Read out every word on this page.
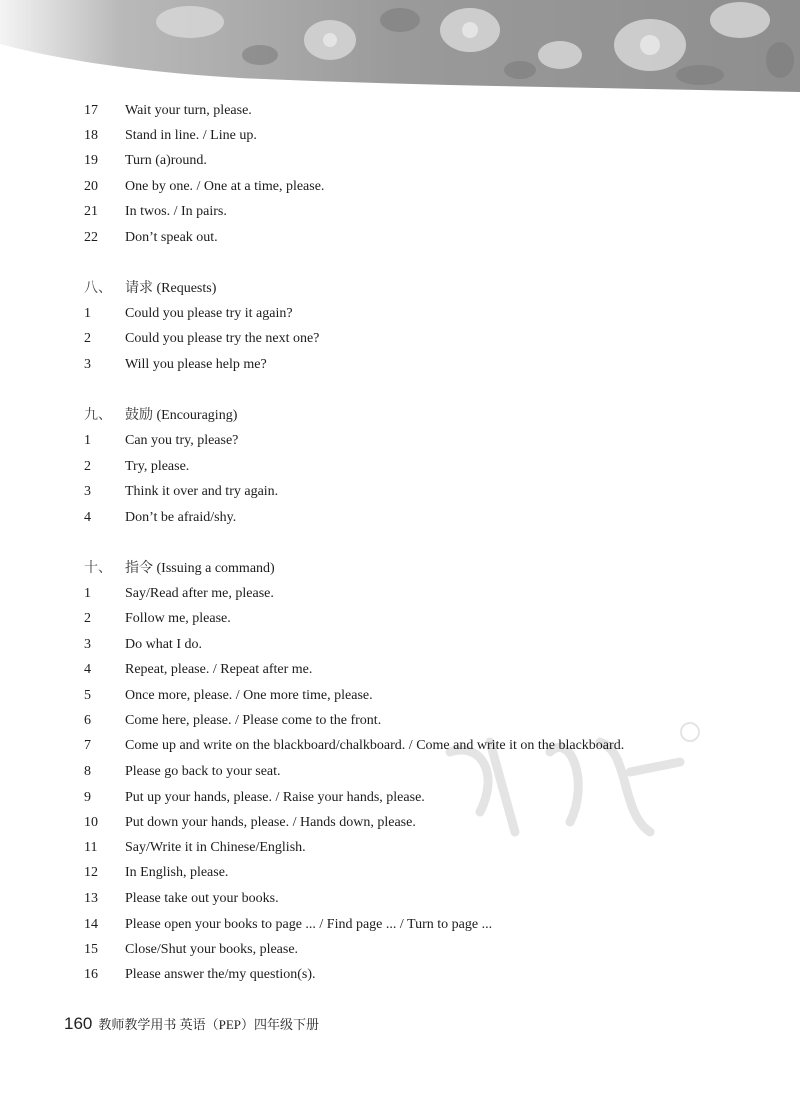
17 Wait your turn, please.
18 Stand in line. / Line up.
19 Turn (a)round.
20 One by one. / One at a time, please.
21 In twos. / In pairs.
22 Don’t speak out.
八、 请求 (Requests)
1 Could you please try it again?
2 Could you please try the next one?
3 Will you please help me?
九、 鼓励 (Encouraging)
1 Can you try, please?
2 Try, please.
3 Think it over and try again.
4 Don’t be afraid/shy.
十、 指令 (Issuing a command)
1 Say/Read after me, please.
2 Follow me, please.
3 Do what I do.
4 Repeat, please. / Repeat after me.
5 Once more, please. / One more time, please.
6 Come here, please. / Please come to the front.
7 Come up and write on the blackboard/chalkboard. / Come and write it on the blackboard.
8 Please go back to your seat.
9 Put up your hands, please. / Raise your hands, please.
10 Put down your hands, please. / Hands down, please.
11 Say/Write it in Chinese/English.
12 In English, please.
13 Please take out your books.
14 Please open your books to page ... / Find page ... / Turn to page ...
15 Close/Shut your books, please.
16 Please answer the/my question(s).
160 教师教学用书 英语（PEP）四年级下册
